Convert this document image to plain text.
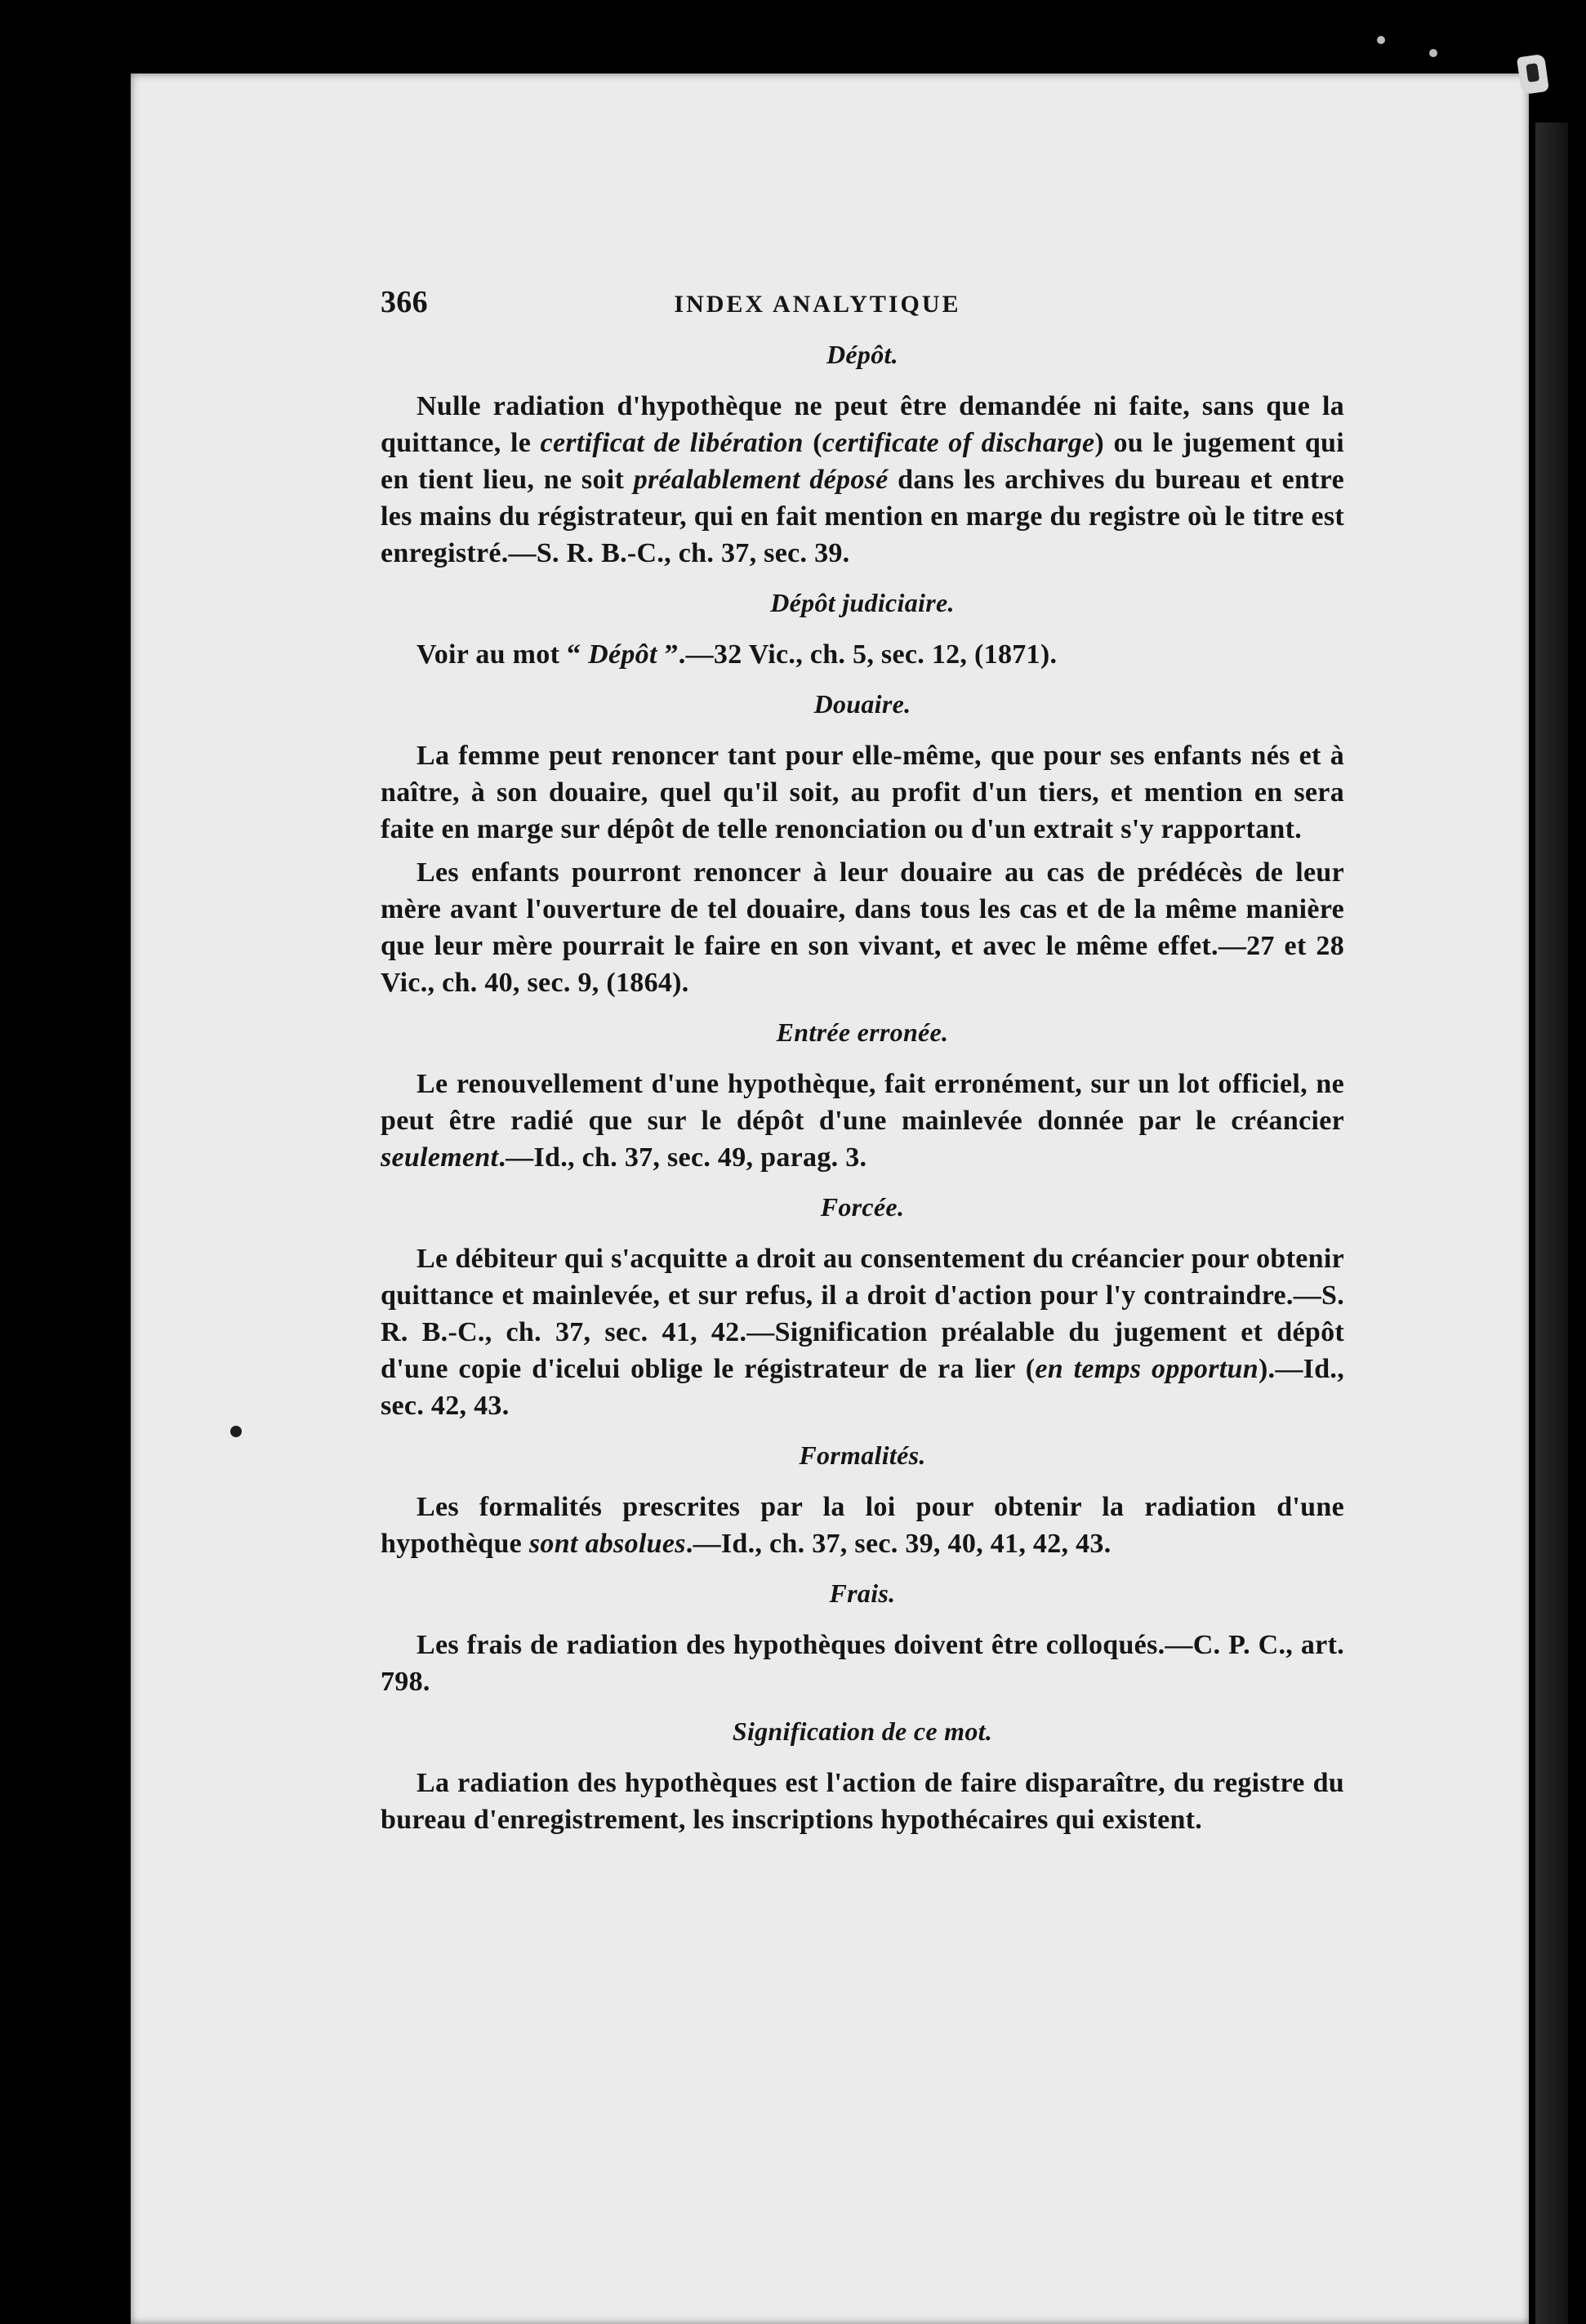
366	INDEX ANALYTIQUE
Dépôt.

Nulle radiation d'hypothèque ne peut être demandée ni faite, sans que la quittance, le certificat de libération (certificate of discharge) ou le jugement qui en tient lieu, ne soit préalablement déposé dans les archives du bureau et entre les mains du régistrateur, qui en fait mention en marge du registre où le titre est enregistré.—S. R. B.-C., ch. 37, sec. 39.

Dépôt judiciaire.

Voir au mot “ Dépôt ”.—32 Vic., ch. 5, sec. 12, (1871).

Douaire.

La femme peut renoncer tant pour elle-même, que pour ses enfants nés et à naître, à son douaire, quel qu'il soit, au profit d'un tiers, et mention en sera faite en marge sur dépôt de telle renonciation ou d'un extrait s'y rapportant.

Les enfants pourront renoncer à leur douaire au cas de prédécès de leur mère avant l'ouverture de tel douaire, dans tous les cas et de la même manière que leur mère pourrait le faire en son vivant, et avec le même effet.—27 et 28 Vic., ch. 40, sec. 9, (1864).

Entrée erronée.

Le renouvellement d'une hypothèque, fait erronément, sur un lot officiel, ne peut être radié que sur le dépôt d'une mainlevée donnée par le créancier seulement.—Id., ch. 37, sec. 49, parag. 3.

Forcée.

Le débiteur qui s'acquitte a droit au consentement du créancier pour obtenir quittance et mainlevée, et sur refus, il a droit d'action pour l'y contraindre.—S. R. B.-C., ch. 37, sec. 41, 42.—Signification préalable du jugement et dépôt d'une copie d'icelui oblige le régistrateur de ra lier (en temps opportun).—Id., sec. 42, 43.

Formalités.

Les formalités prescrites par la loi pour obtenir la radiation d'une hypothèque sont absolues.—Id., ch. 37, sec. 39, 40, 41, 42, 43.

Frais.

Les frais de radiation des hypothèques doivent être colloqués.—C. P. C., art. 798.

Signification de ce mot.

La radiation des hypothèques est l'action de faire disparaître, du registre du bureau d'enregistrement, les inscriptions hypothécaires qui existent.
